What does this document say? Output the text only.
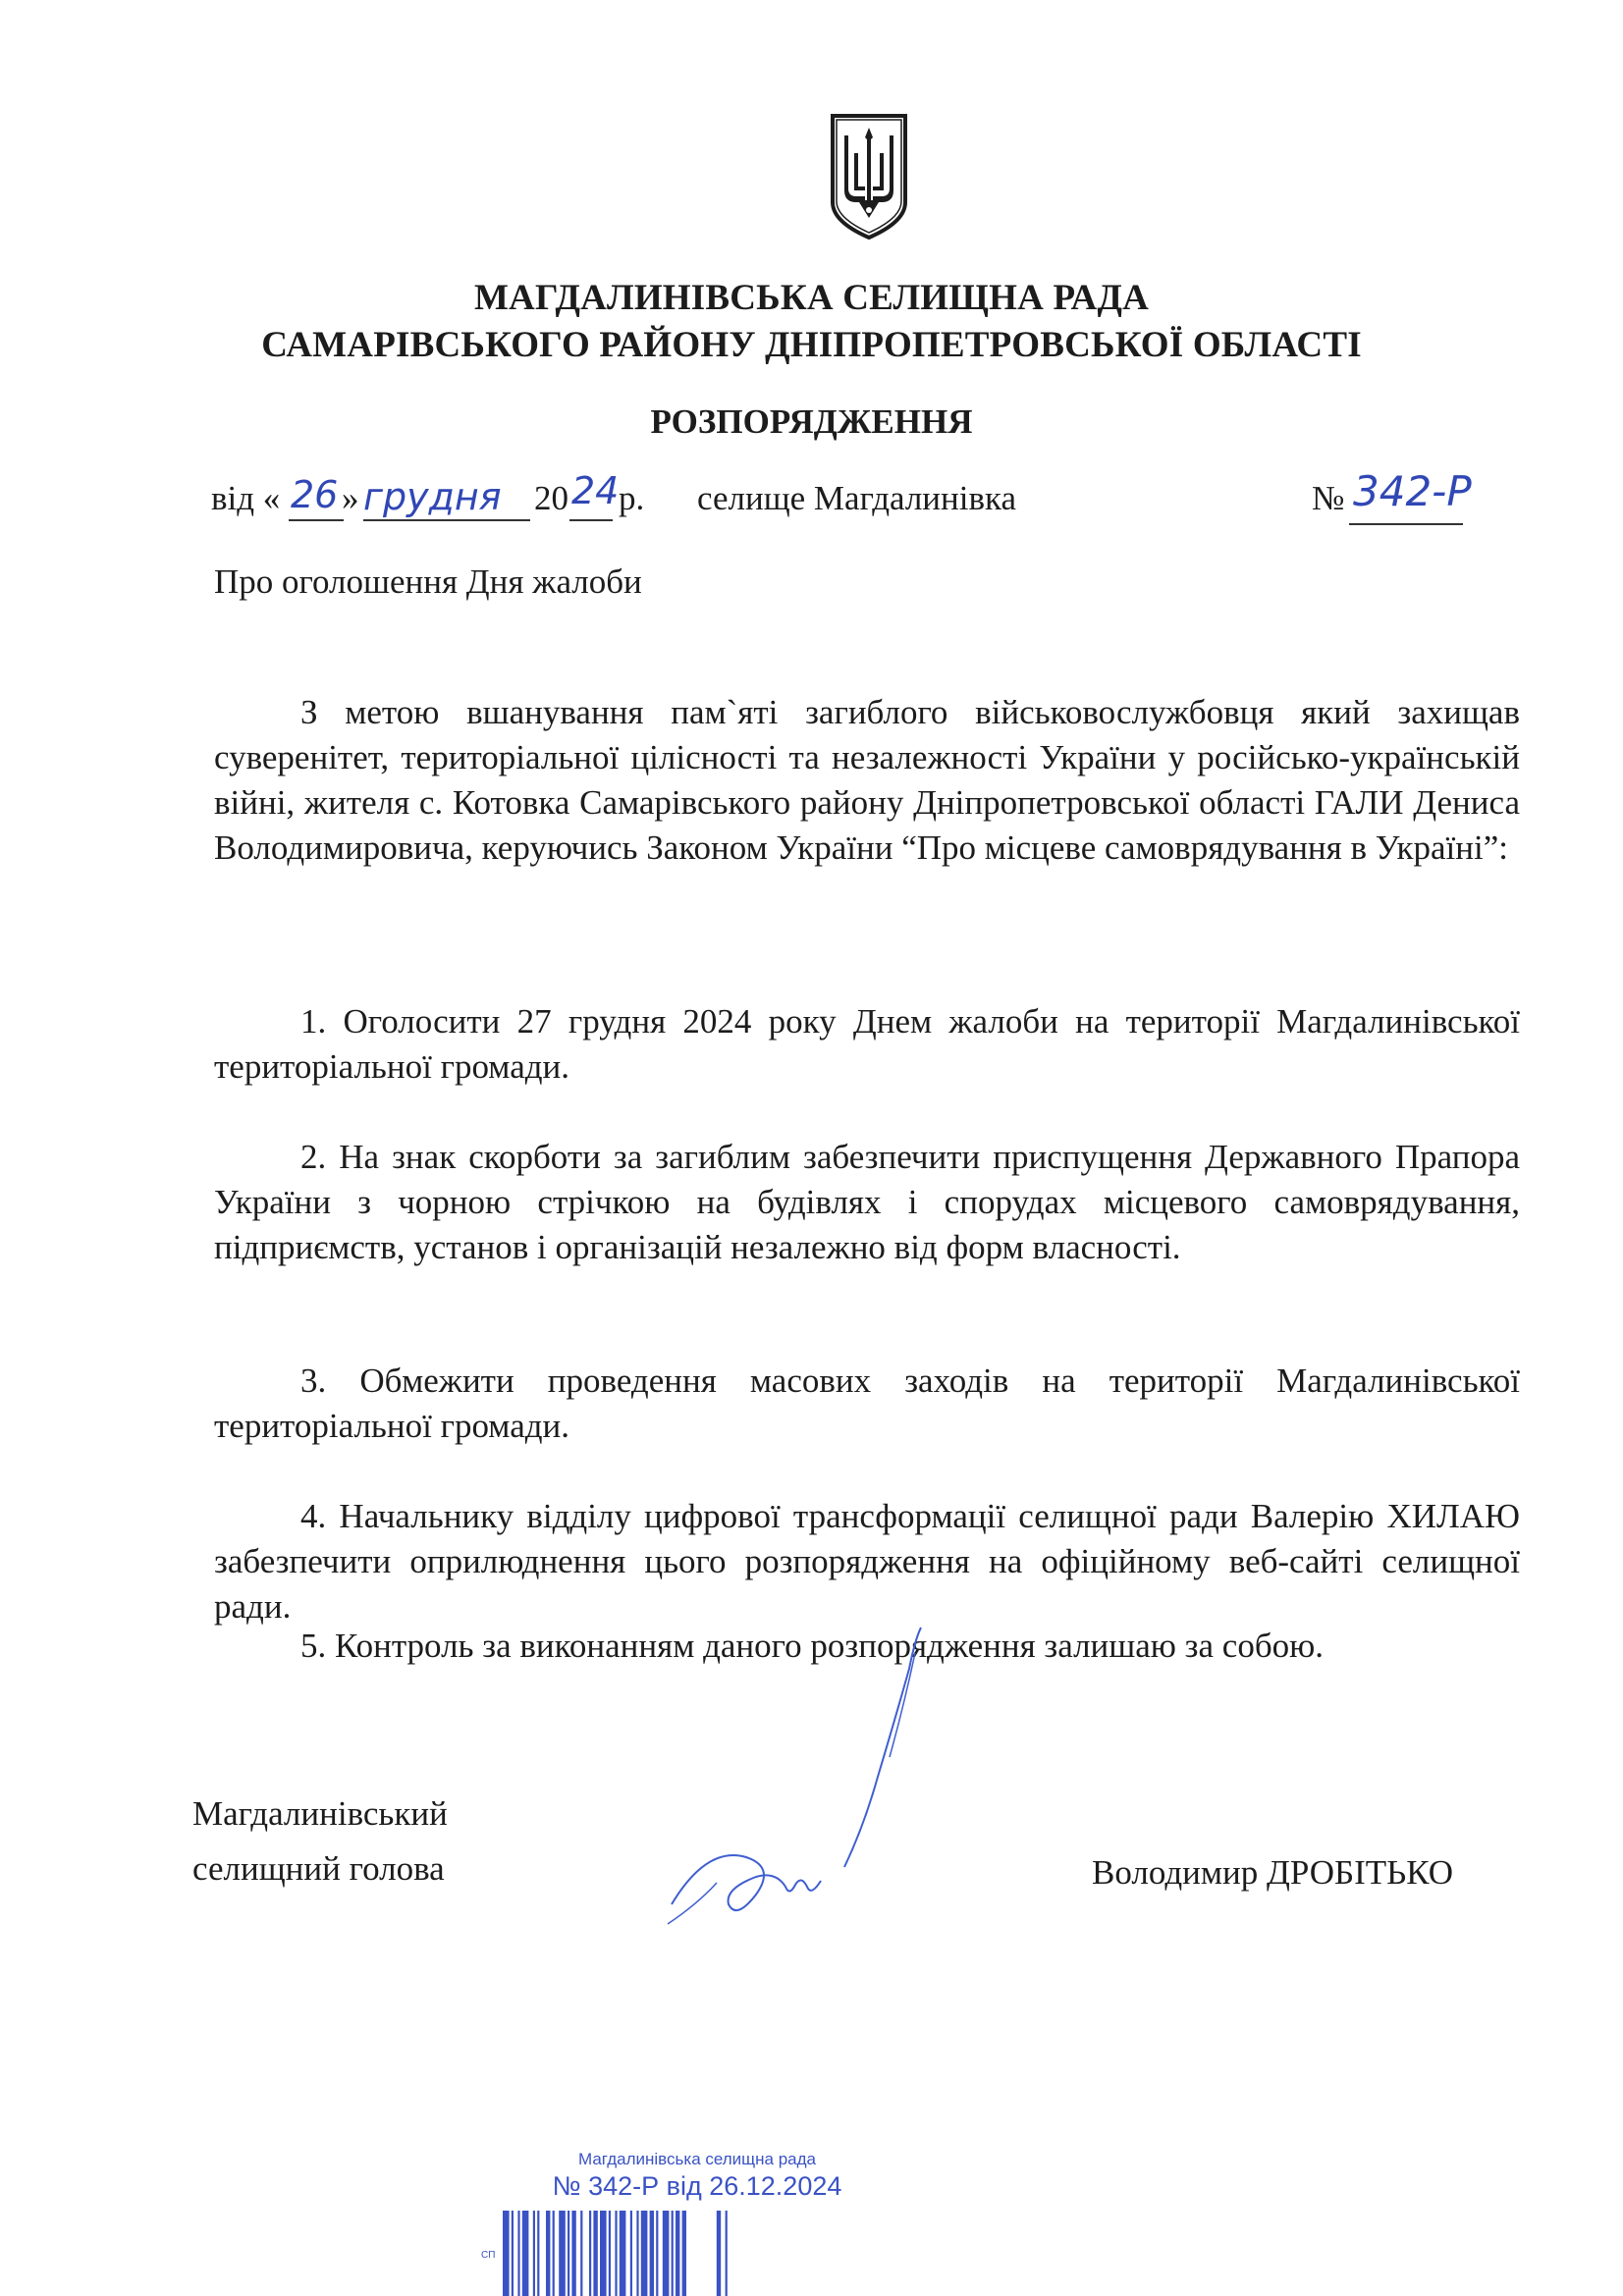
МАГДАЛИНІВСЬКА СЕЛИЩНА РАДА
САМАРІВСЬКОГО РАЙОНУ ДНІПРОПЕТРОВСЬКОЇ ОБЛАСТІ
РОЗПОРЯДЖЕННЯ
від « 26 » грудня 20 24 р. селище Магдалинівка	№ 342-Р
Про оголошення Дня жалоби

З метою вшанування пам`яті загиблого військовослужбовця який захищав суверенітет, територіальної цілісності та незалежності України у російсько-українській війні, жителя с. Котовка Самарівського району Дніпропетровської області ГАЛИ Дениса Володимировича, керуючись Законом України “Про місцеве самоврядування в Україні”:

1. Оголосити 27 грудня 2024 року Днем жалоби на території Магдалинівської територіальної громади.

2. На знак скорботи за загиблим забезпечити приспущення Державного Прапора України з чорною стрічкою на будівлях і спорудах місцевого самоврядування, підприємств, установ і організацій незалежно від форм власності.

3. Обмежити проведення масових заходів на території Магдалинівської територіальної громади.

4. Начальнику відділу цифрової трансформації селищної ради Валерію ХИЛАЮ забезпечити оприлюднення цього розпорядження на офіційному веб-сайті селищної ради.

5. Контроль за виконанням даного розпорядження залишаю за собою.

Магдалинівський
селищний голова	Володимир ДРОБІТЬКО
Магдалинівська селищна рада
№ 342-Р від 26.12.2024
СП
